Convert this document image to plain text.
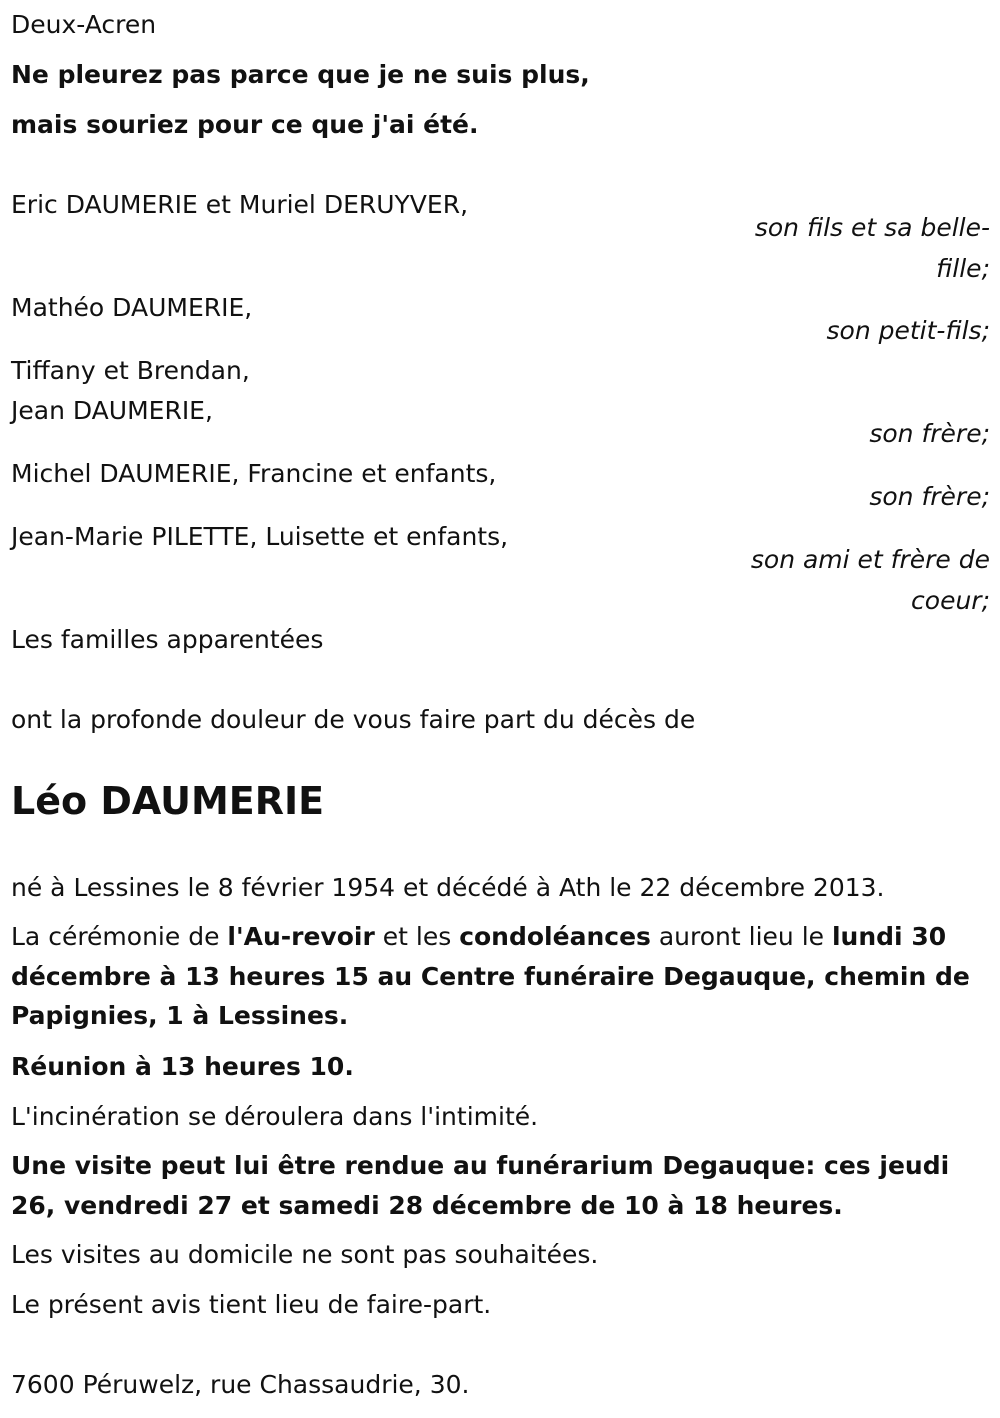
Deux-Acren
Ne pleurez pas parce que je ne suis plus,
mais souriez pour ce que j'ai été.
Eric DAUMERIE et Muriel DERUYVER,
son fils et sa belle-
fille;
Mathéo DAUMERIE,
son petit-fils;
Tiffany et Brendan,
Jean DAUMERIE,
son frère;
Michel DAUMERIE, Francine et enfants,
son frère;
Jean-Marie PILETTE, Luisette et enfants,
son ami et frère de
coeur;
Les familles apparentées
ont la profonde douleur de vous faire part du décès de
Léo DAUMERIE
né à Lessines le 8 février 1954 et décédé à Ath le 22 décembre 2013.
La cérémonie de l'Au-revoir et les condoléances auront lieu le lundi 30 décembre à 13 heures 15 au Centre funéraire Degauque, chemin de Papignies, 1 à Lessines.
Réunion à 13 heures 10.
L'incinération se déroulera dans l'intimité.
Une visite peut lui être rendue au funérarium Degauque: ces jeudi 26, vendredi 27 et samedi 28 décembre de 10 à 18 heures.
Les visites au domicile ne sont pas souhaitées.
Le présent avis tient lieu de faire-part.
7600 Péruwelz, rue Chassaudrie, 30.
